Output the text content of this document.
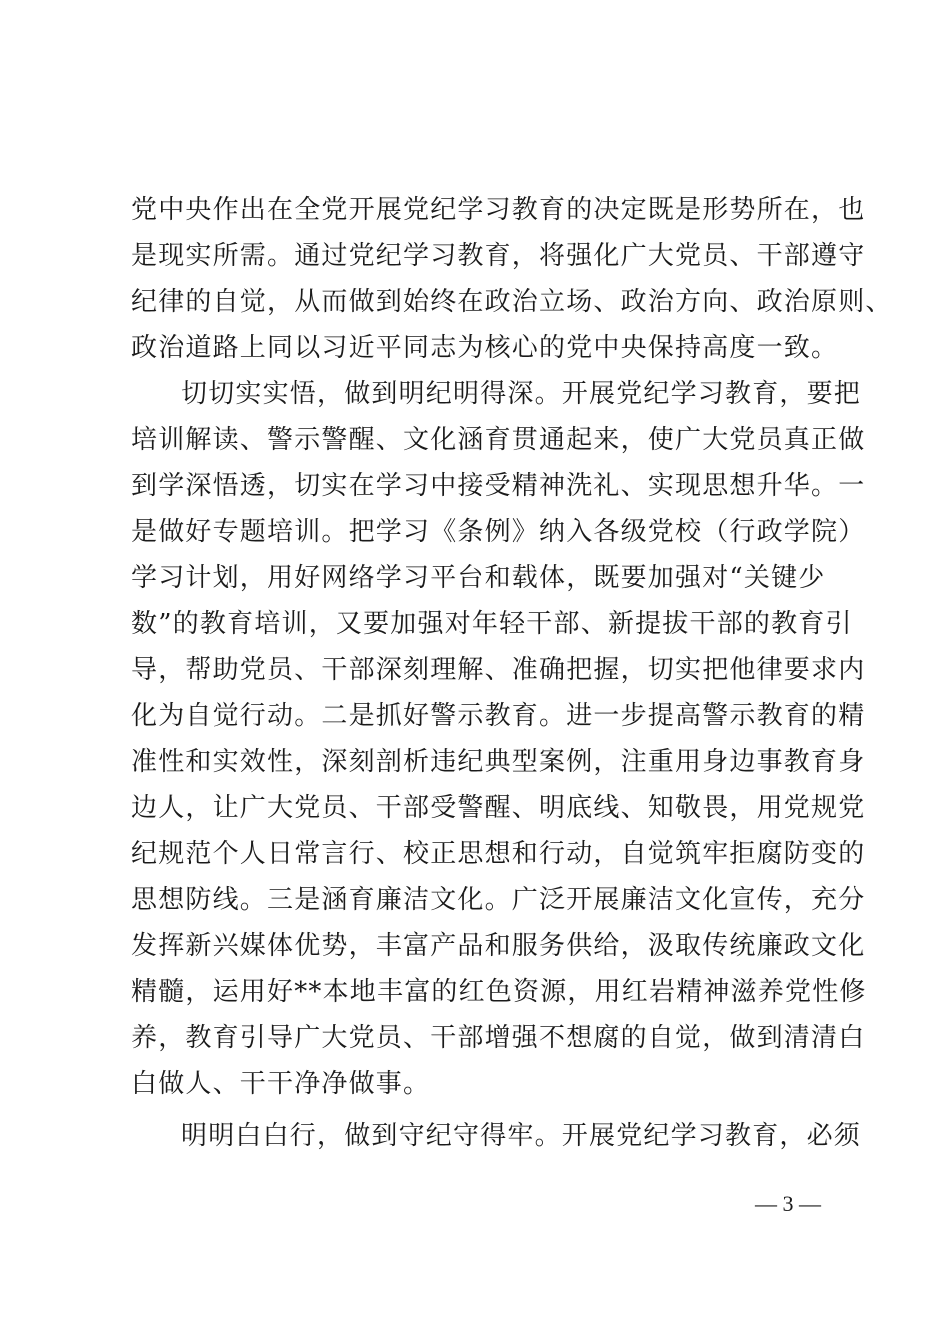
党中央作出在全党开展党纪学习教育的决定既是形势所在，也
是现实所需。通过党纪学习教育，将强化广大党员、干部遵守
纪律的自觉，从而做到始终在政治立场、政治方向、政治原则、
政治道路上同以习近平同志为核心的党中央保持高度一致。
切切实实悟，做到明纪明得深。开展党纪学习教育，要把
培训解读、警示警醒、文化涵育贯通起来，使广大党员真正做
到学深悟透，切实在学习中接受精神洗礼、实现思想升华。一
是做好专题培训。把学习《条例》纳入各级党校（行政学院）
学习计划，用好网络学习平台和载体，既要加强对“关键少
数”的教育培训，又要加强对年轻干部、新提拔干部的教育引
导，帮助党员、干部深刻理解、准确把握，切实把他律要求内
化为自觉行动。二是抓好警示教育。进一步提高警示教育的精
准性和实效性，深刻剖析违纪典型案例，注重用身边事教育身
边人，让广大党员、干部受警醒、明底线、知敬畏，用党规党
纪规范个人日常言行、校正思想和行动，自觉筑牢拒腐防变的
思想防线。三是涵育廉洁文化。广泛开展廉洁文化宣传，充分
发挥新兴媒体优势，丰富产品和服务供给，汲取传统廉政文化
精髓，运用好**本地丰富的红色资源，用红岩精神滋养党性修
养，教育引导广大党员、干部增强不想腐的自觉，做到清清白
白做人、干干净净做事。
明明白白行，做到守纪守得牢。开展党纪学习教育，必须
— 3 —
